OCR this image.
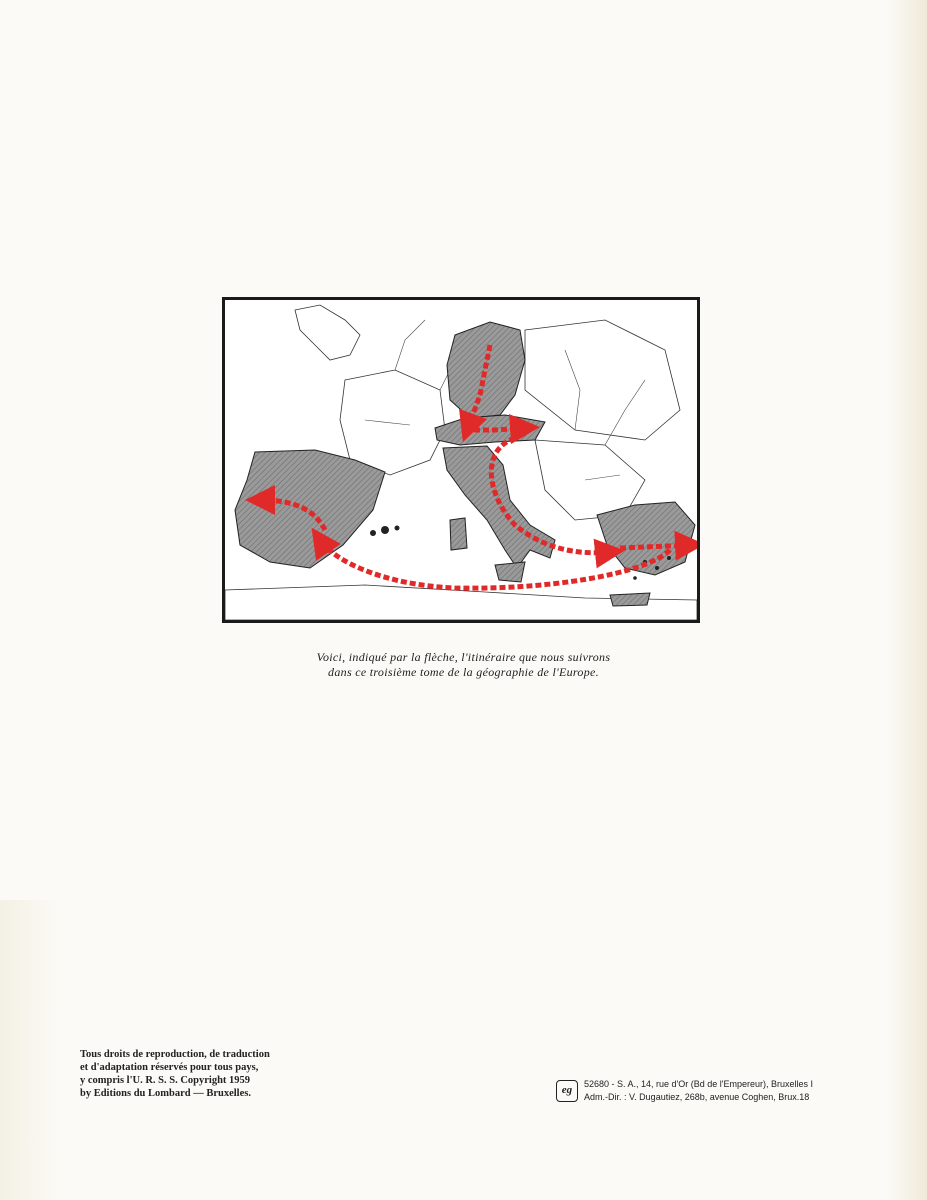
Voici, indiqué par la flèche, l'itinéraire que nous suivrons
dans ce troisième tome de la géographie de l'Europe.
Tous droits de reproduction, de traduction
et d'adaptation réservés pour tous pays,
y compris l'U. R. S. S. Copyright 1959
by Editions du Lombard — Bruxelles.	eg	52680 - S. A., 14, rue d'Or (Bd de l'Empereur), Bruxelles I
Adm.-Dir. : V. Dugautiez, 268b, avenue Coghen, Brux.18
